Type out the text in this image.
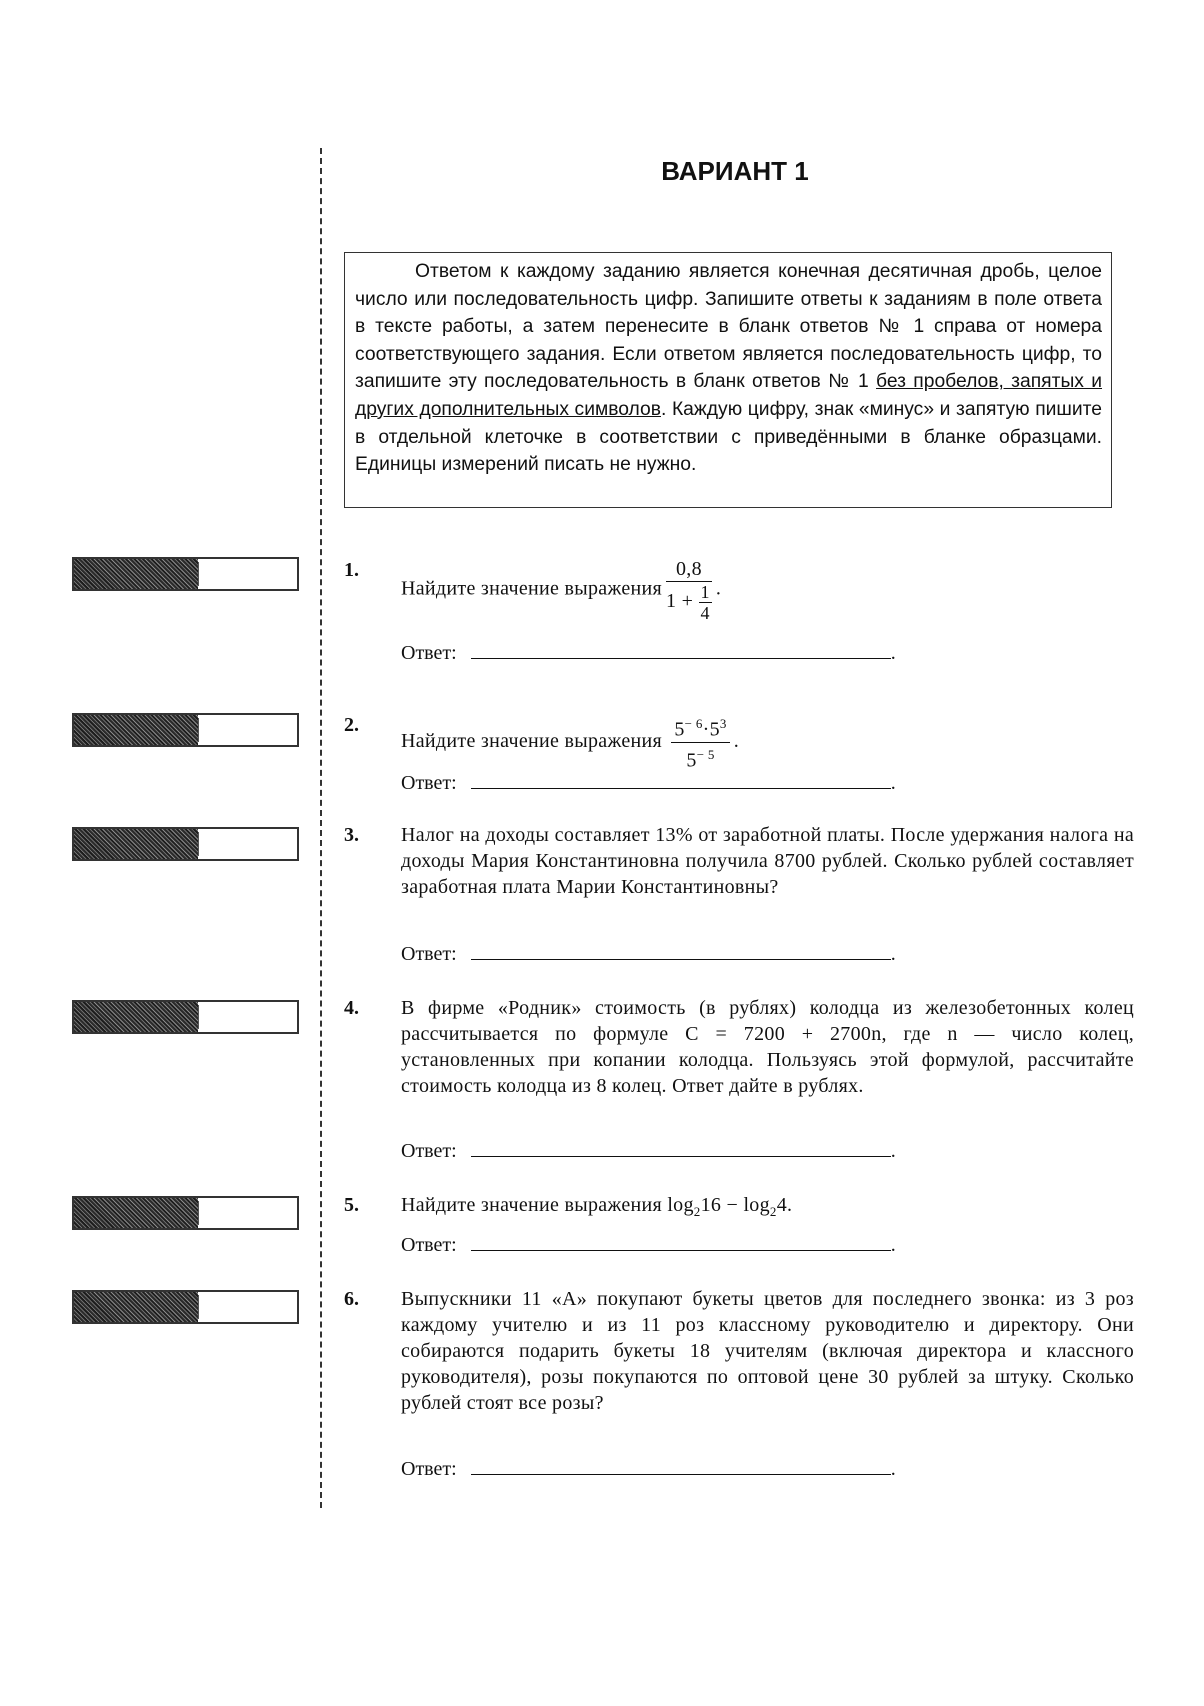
ВАРИАНТ 1

Ответом к каждому заданию является конечная десятичная дробь, целое число или последовательность цифр. Запишите ответы к заданиям в поле ответа в тексте работы, а затем перенесите в бланк ответов № 1 справа от номера соответствующего задания. Если ответом является последовательность цифр, то запишите эту последовательность в бланк ответов № 1 без пробелов, запятых и других дополнительных символов. Каждую цифру, знак «минус» и запятую пишите в отдельной клеточке в соответствии с приведёнными в бланке образцами. Единицы измерений писать не нужно.

1.
Найдите значение выражения $\frac{0,8}{1 + \frac{1}{4}}$ .
Ответ:	.
2.
Найдите значение выражения $\frac{5^{- 6}\cdot 5^3}{5^{- 5}}$ .
Ответ:	.
3. Налог на доходы составляет 13% от заработной платы. После удержания налога на доходы Мария Константиновна получила 8700 рублей. Сколько рублей составляет заработная плата Марии Константиновны?
Ответ:	.
4. В фирме «Родник» стоимость (в рублях) колодца из железобетонных колец рассчитывается по формуле C = 7200 + 2700n, где n — число колец, установленных при копании колодца. Пользуясь этой формулой, рассчитайте стоимость колодца из 8 колец. Ответ дайте в рублях.
Ответ:	.
5. Найдите значение выражения $\log_216 - \log_24$.
Ответ:	.
6. Выпускники 11 «А» покупают букеты цветов для последнего звонка: из 3 роз каждому учителю и из 11 роз классному руководителю и директору. Они собираются подарить букеты 18 учителям (включая директора и классного руководителя), розы покупаются по оптовой цене 30 рублей за штуку. Сколько рублей стоят все розы?
Ответ:	.
